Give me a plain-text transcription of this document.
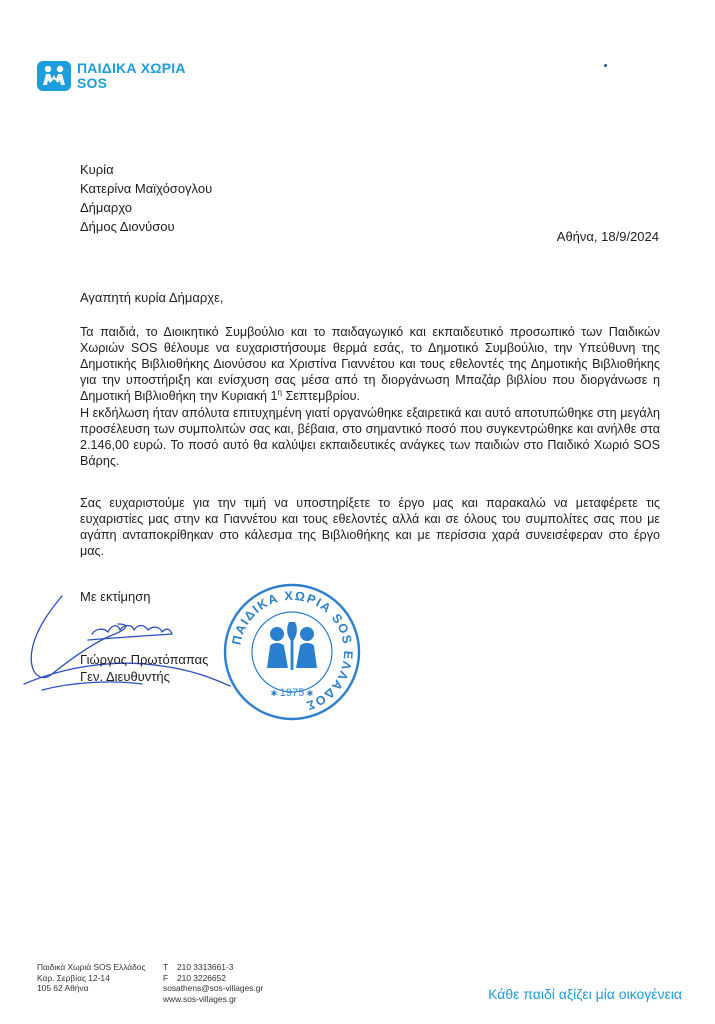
ΠΑΙΔΙΚΑ ΧΩΡΙΑ
SOS
Κυρία
Κατερίνα Μαϊχόσογλου
Δήμαρχο
Δήμος Διονύσου
Αθήνα, 18/9/2024
Αγαπητή κυρία Δήμαρχε,
Τα παιδιά, το Διοικητικό Συμβούλιο και το παιδαγωγικό και εκπαιδευτικό προσωπικό των Παιδικών Χωριών SOS θέλουμε να ευχαριστήσουμε θερμά εσάς, το Δημοτικό Συμβούλιο, την Υπεύθυνη της Δημοτικής Βιβλιοθήκης Διονύσου κα Χριστίνα Γιαννέτου και τους εθελοντές της Δημοτικής Βιβλιοθήκης για την υποστήριξη και ενίσχυση σας μέσα από τη διοργάνωση Μπαζάρ βιβλίου που διοργάνωσε η Δημοτική Βιβλιοθήκη την Κυριακή $1^\eta$ Σεπτεμβρίου.
Η εκδήλωση ήταν απόλυτα επιτυχημένη γιατί οργανώθηκε εξαιρετικά και αυτό αποτυπώθηκε στη μεγάλη προσέλευση των συμπολιτών σας και, βέβαια, στο σημαντικό ποσό που συγκεντρώθηκε και ανήλθε στα 2.146,00 ευρώ. Το ποσό αυτό θα καλύψει εκπαιδευτικές ανάγκες των παιδιών στο Παιδικό Χωριό SOS Βάρης.
Σας ευχαριστούμε για την τιμή να υποστηρίξετε το έργο μας και παρακαλώ να μεταφέρετε τις ευχαριστίες μας στην κα Γιαννέτου και τους εθελοντές αλλά και σε όλους του συμπολίτες σας που με αγάπη ανταποκρίθηκαν στο κάλεσμα της Βιβλιοθήκης και με περίσσια χαρά συνεισέφεραν στο έργο μας.
Με εκτίμηση
Γιώργος Πρωτόπαπας
Γεν. Διευθυντής
ΠΑΙΔΙΚΑ ΧΩΡΙΑ SOS ΕΛΛΑΔΟΣ
1975
✱	✱
Παιδικά Χωριά SOS Ελλάδος
Καρ. Σερβίας 12-14
105 62 Αθήνα
T 210 3313661-3
F 210 3226652
sosathens@sos-villages.gr
www.sos-villages.gr	Κάθε παιδί αξίζει μία οικογένεια
